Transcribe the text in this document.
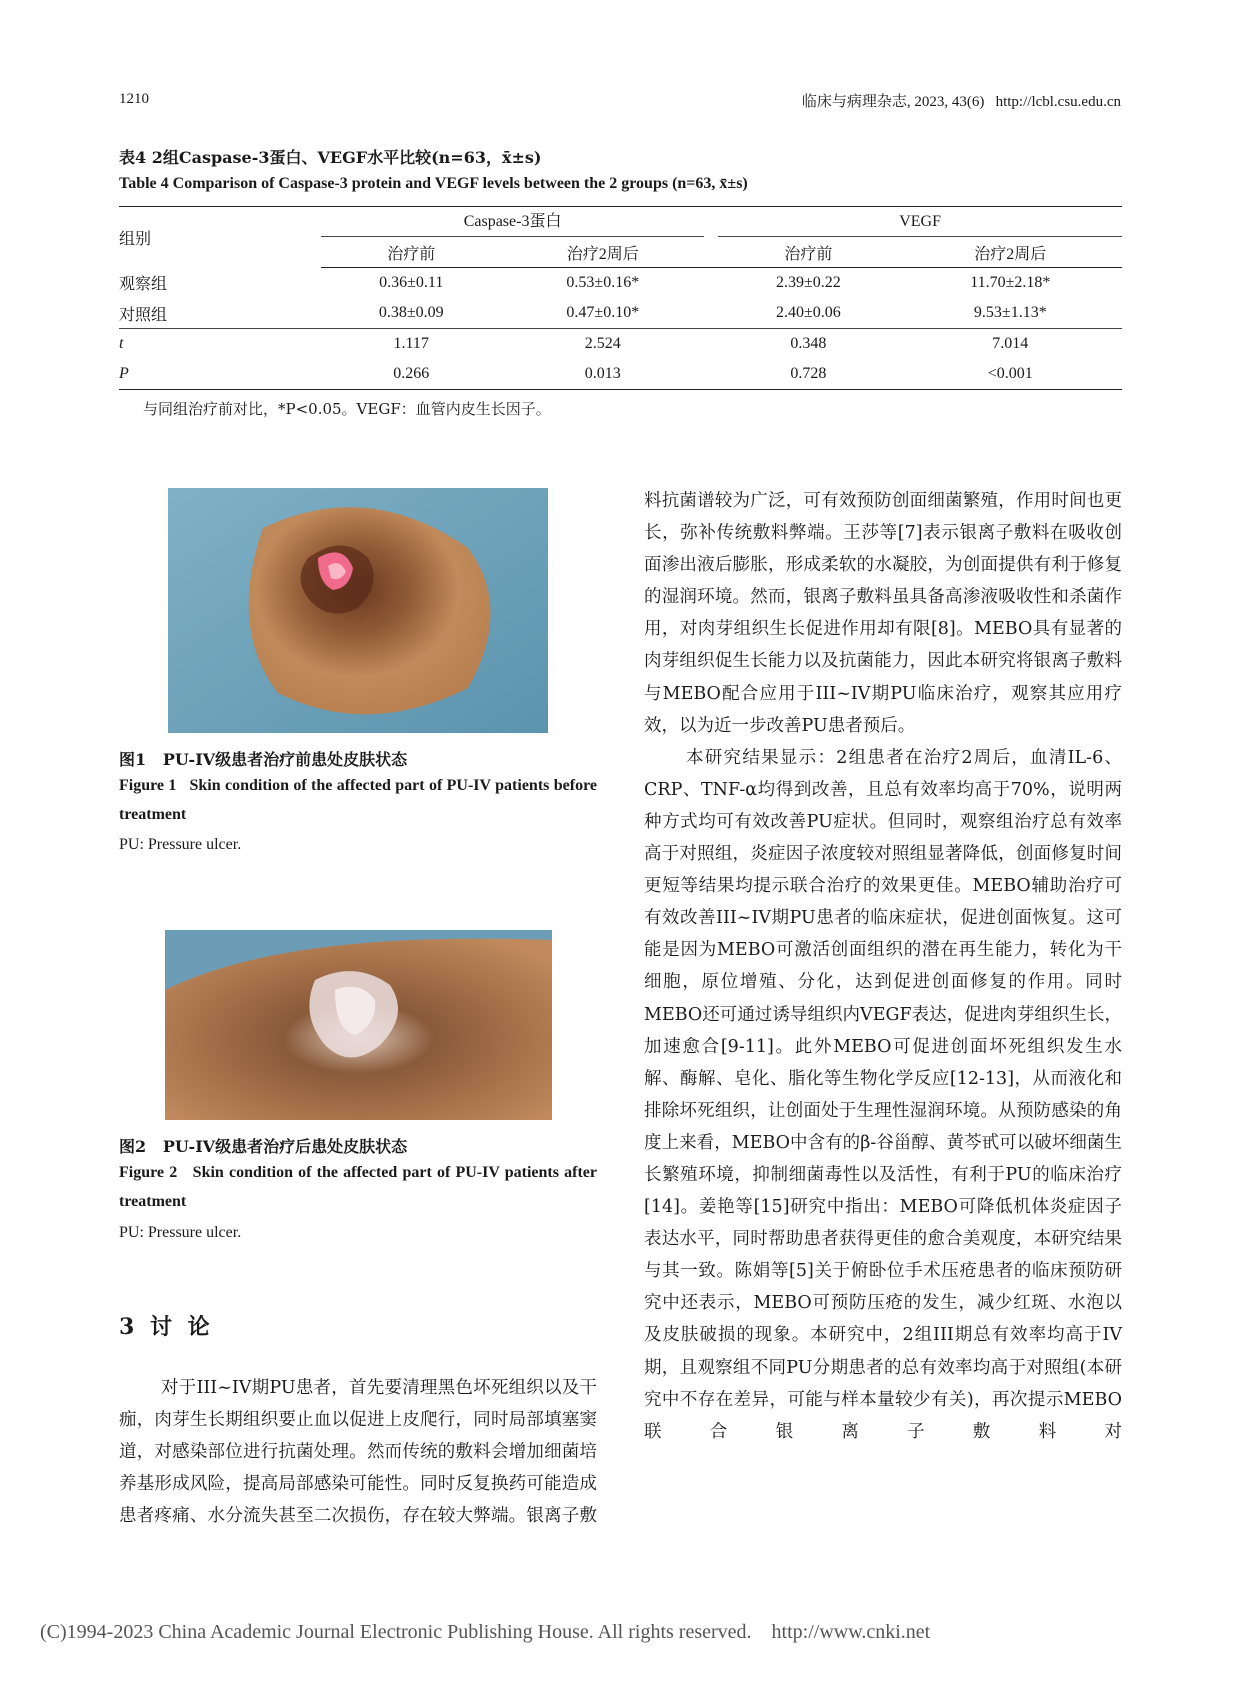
1210	临床与病理杂志, 2023, 43(6)   http://lcbl.csu.edu.cn
表4 2组Caspase-3蛋白、VEGF水平比较(n=63，x̄±s)
Table 4 Comparison of Caspase-3 protein and VEGF levels between the 2 groups (n=63, x̄±s)
组别	Caspase-3蛋白			VEGF	

	治疗前	治疗2周后		治疗前	治疗2周后
观察组	0.36±0.11	0.53±0.16*		2.39±0.22	11.70±2.18*
对照组	0.38±0.09	0.47±0.10*		2.40±0.06	9.53±1.13*
t	1.117	2.524		0.348	7.014
P	0.266	0.013		0.728	<0.001
与同组治疗前对比，*P<0.05。VEGF：血管内皮生长因子。
图1   PU-IV级患者治疗前患处皮肤状态
Figure 1   Skin condition of the affected part of PU-IV patients before treatment
PU: Pressure ulcer.
图2   PU-IV级患者治疗后患处皮肤状态
Figure 2   Skin condition of the affected part of PU-IV patients after treatment
PU: Pressure ulcer.
3 讨 论

对于III~IV期PU患者，首先要清理黑色坏死组织以及干痂，肉芽生长期组织要止血以促进上皮爬行，同时局部填塞窦道，对感染部位进行抗菌处理。然而传统的敷料会增加细菌培养基形成风险，提高局部感染可能性。同时反复换药可能造成患者疼痛、水分流失甚至二次损伤，存在较大弊端。银离子敷

料抗菌谱较为广泛，可有效预防创面细菌繁殖，作用时间也更长，弥补传统敷料弊端。王莎等[7]表示银离子敷料在吸收创面渗出液后膨胀，形成柔软的水凝胶，为创面提供有利于修复的湿润环境。然而，银离子敷料虽具备高渗液吸收性和杀菌作用，对肉芽组织生长促进作用却有限[8]。MEBO具有显著的肉芽组织促生长能力以及抗菌能力，因此本研究将银离子敷料与MEBO配合应用于III~IV期PU临床治疗，观察其应用疗效，以为近一步改善PU患者预后。

本研究结果显示：2组患者在治疗2周后，血清IL-6、CRP、TNF-α均得到改善，且总有效率均高于70%，说明两种方式均可有效改善PU症状。但同时，观察组治疗总有效率高于对照组，炎症因子浓度较对照组显著降低，创面修复时间更短等结果均提示联合治疗的效果更佳。MEBO辅助治疗可有效改善III~IV期PU患者的临床症状，促进创面恢复。这可能是因为MEBO可激活创面组织的潜在再生能力，转化为干细胞，原位增殖、分化，达到促进创面修复的作用。同时MEBO还可通过诱导组织内VEGF表达，促进肉芽组织生长，加速愈合[9-11]。此外MEBO可促进创面坏死组织发生水解、酶解、皂化、脂化等生物化学反应[12-13]，从而液化和排除坏死组织，让创面处于生理性湿润环境。从预防感染的角度上来看，MEBO中含有的β-谷甾醇、黄芩甙可以破坏细菌生长繁殖环境，抑制细菌毒性以及活性，有利于PU的临床治疗[14]。姜艳等[15]研究中指出：MEBO可降低机体炎症因子表达水平，同时帮助患者获得更佳的愈合美观度，本研究结果与其一致。陈娟等[5]关于俯卧位手术压疮患者的临床预防研究中还表示，MEBO可预防压疮的发生，减少红斑、水泡以及皮肤破损的现象。本研究中，2组III期总有效率均高于IV期，且观察组不同PU分期患者的总有效率均高于对照组(本研究中不存在差异，可能与样本量较少有关)，再次提示MEBO联合银离子敷料对

(C)1994-2023 China Academic Journal Electronic Publishing House. All rights reserved.    http://www.cnki.net
